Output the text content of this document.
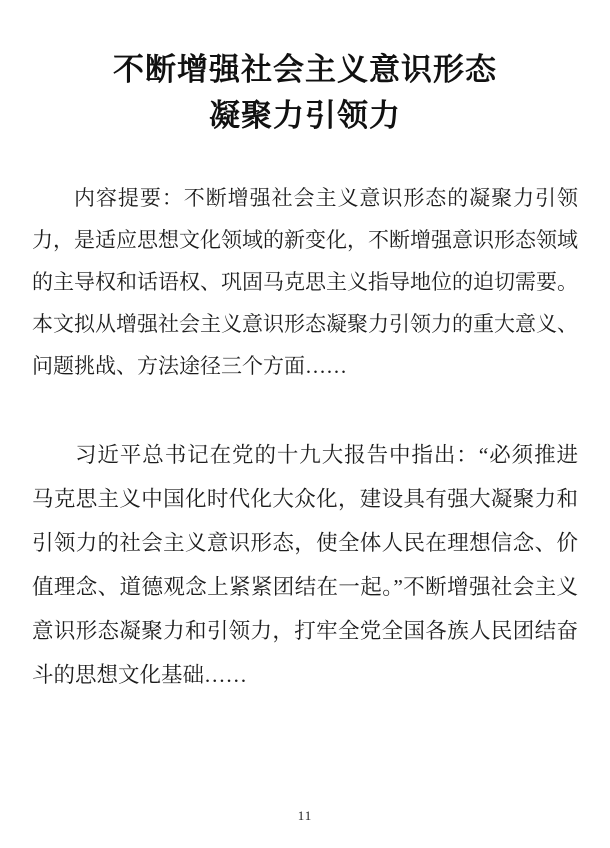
不断增强社会主义意识形态
凝聚力引领力

内容提要：不断增强社会主义意识形态的凝聚力引领力，是适应思想文化领域的新变化，不断增强意识形态领域的主导权和话语权、巩固马克思主义指导地位的迫切需要。本文拟从增强社会主义意识形态凝聚力引领力的重大意义、问题挑战、方法途径三个方面……

习近平总书记在党的十九大报告中指出：“必须推进马克思主义中国化时代化大众化，建设具有强大凝聚力和引领力的社会主义意识形态，使全体人民在理想信念、价值理念、道德观念上紧紧团结在一起。”不断增强社会主义意识形态凝聚力和引领力，打牢全党全国各族人民团结奋斗的思想文化基础……

11
